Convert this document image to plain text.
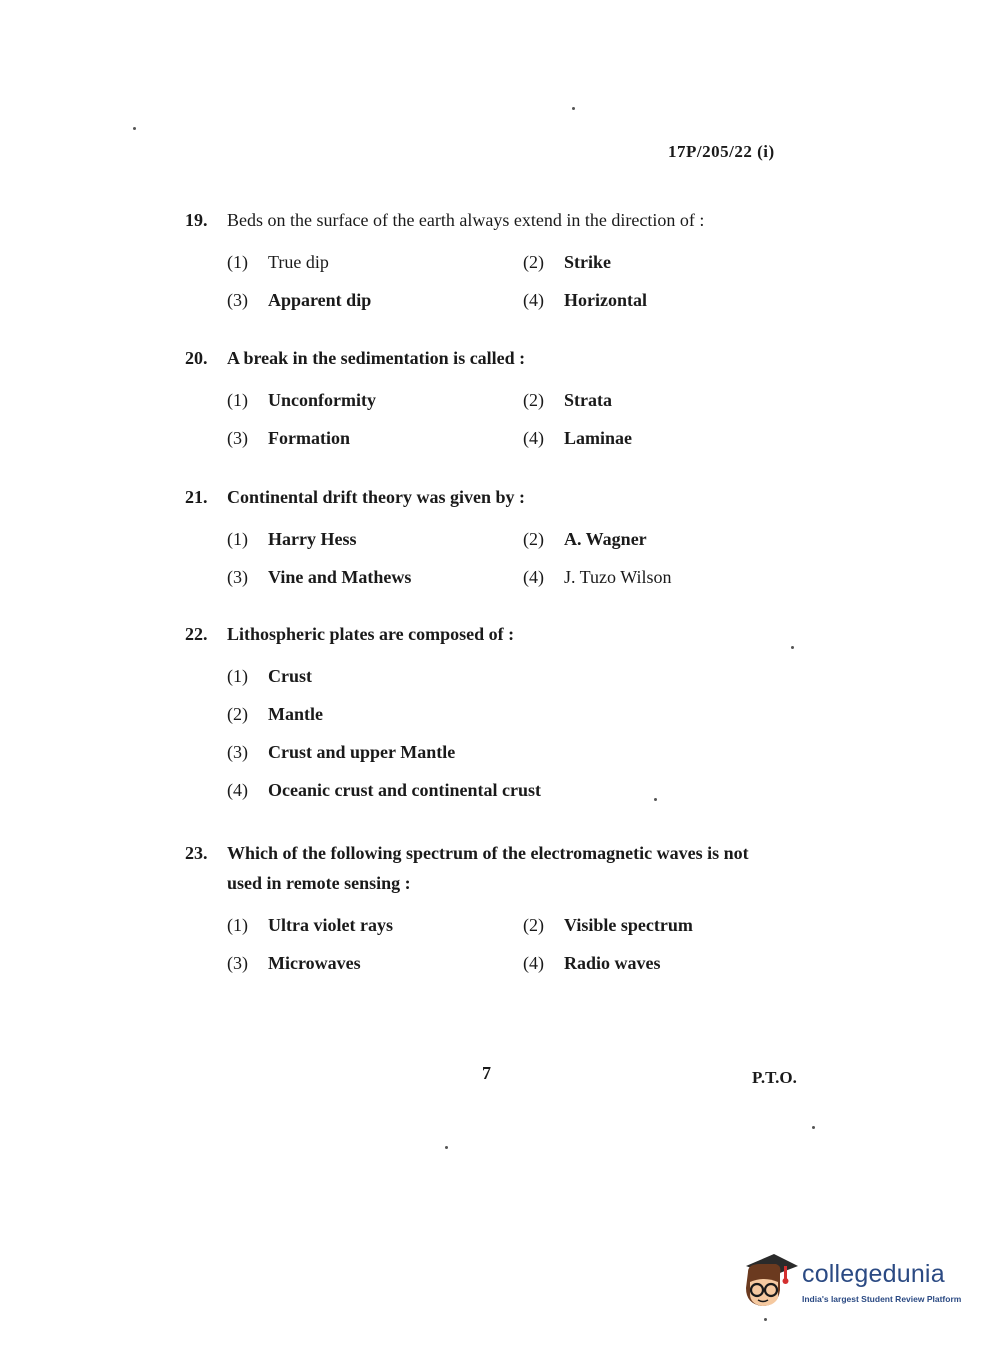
17P/205/22 (i)
19.	Beds on the surface of the earth always extend in the direction of :
(1)	True dip	(2)	Strike
(3)	Apparent dip	(4)	Horizontal
20.	A break in the sedimentation is called :
(1)	Unconformity	(2)	Strata
(3)	Formation	(4)	Laminae
21.	Continental drift theory was given by :
(1)	Harry Hess	(2)	A. Wagner
(3)	Vine and Mathews	(4)	J. Tuzo Wilson
22.	Lithospheric plates are composed of :
(1)	Crust
(2)	Mantle
(3)	Crust and upper Mantle
(4)	Oceanic crust and continental crust
23.	Which of the following spectrum of the electromagnetic waves is not
used in remote sensing :
(1)	Ultra violet rays	(2)	Visible spectrum
(3)	Microwaves	(4)	Radio waves
7	P.T.O.
collegedunia
India's largest Student Review Platform
